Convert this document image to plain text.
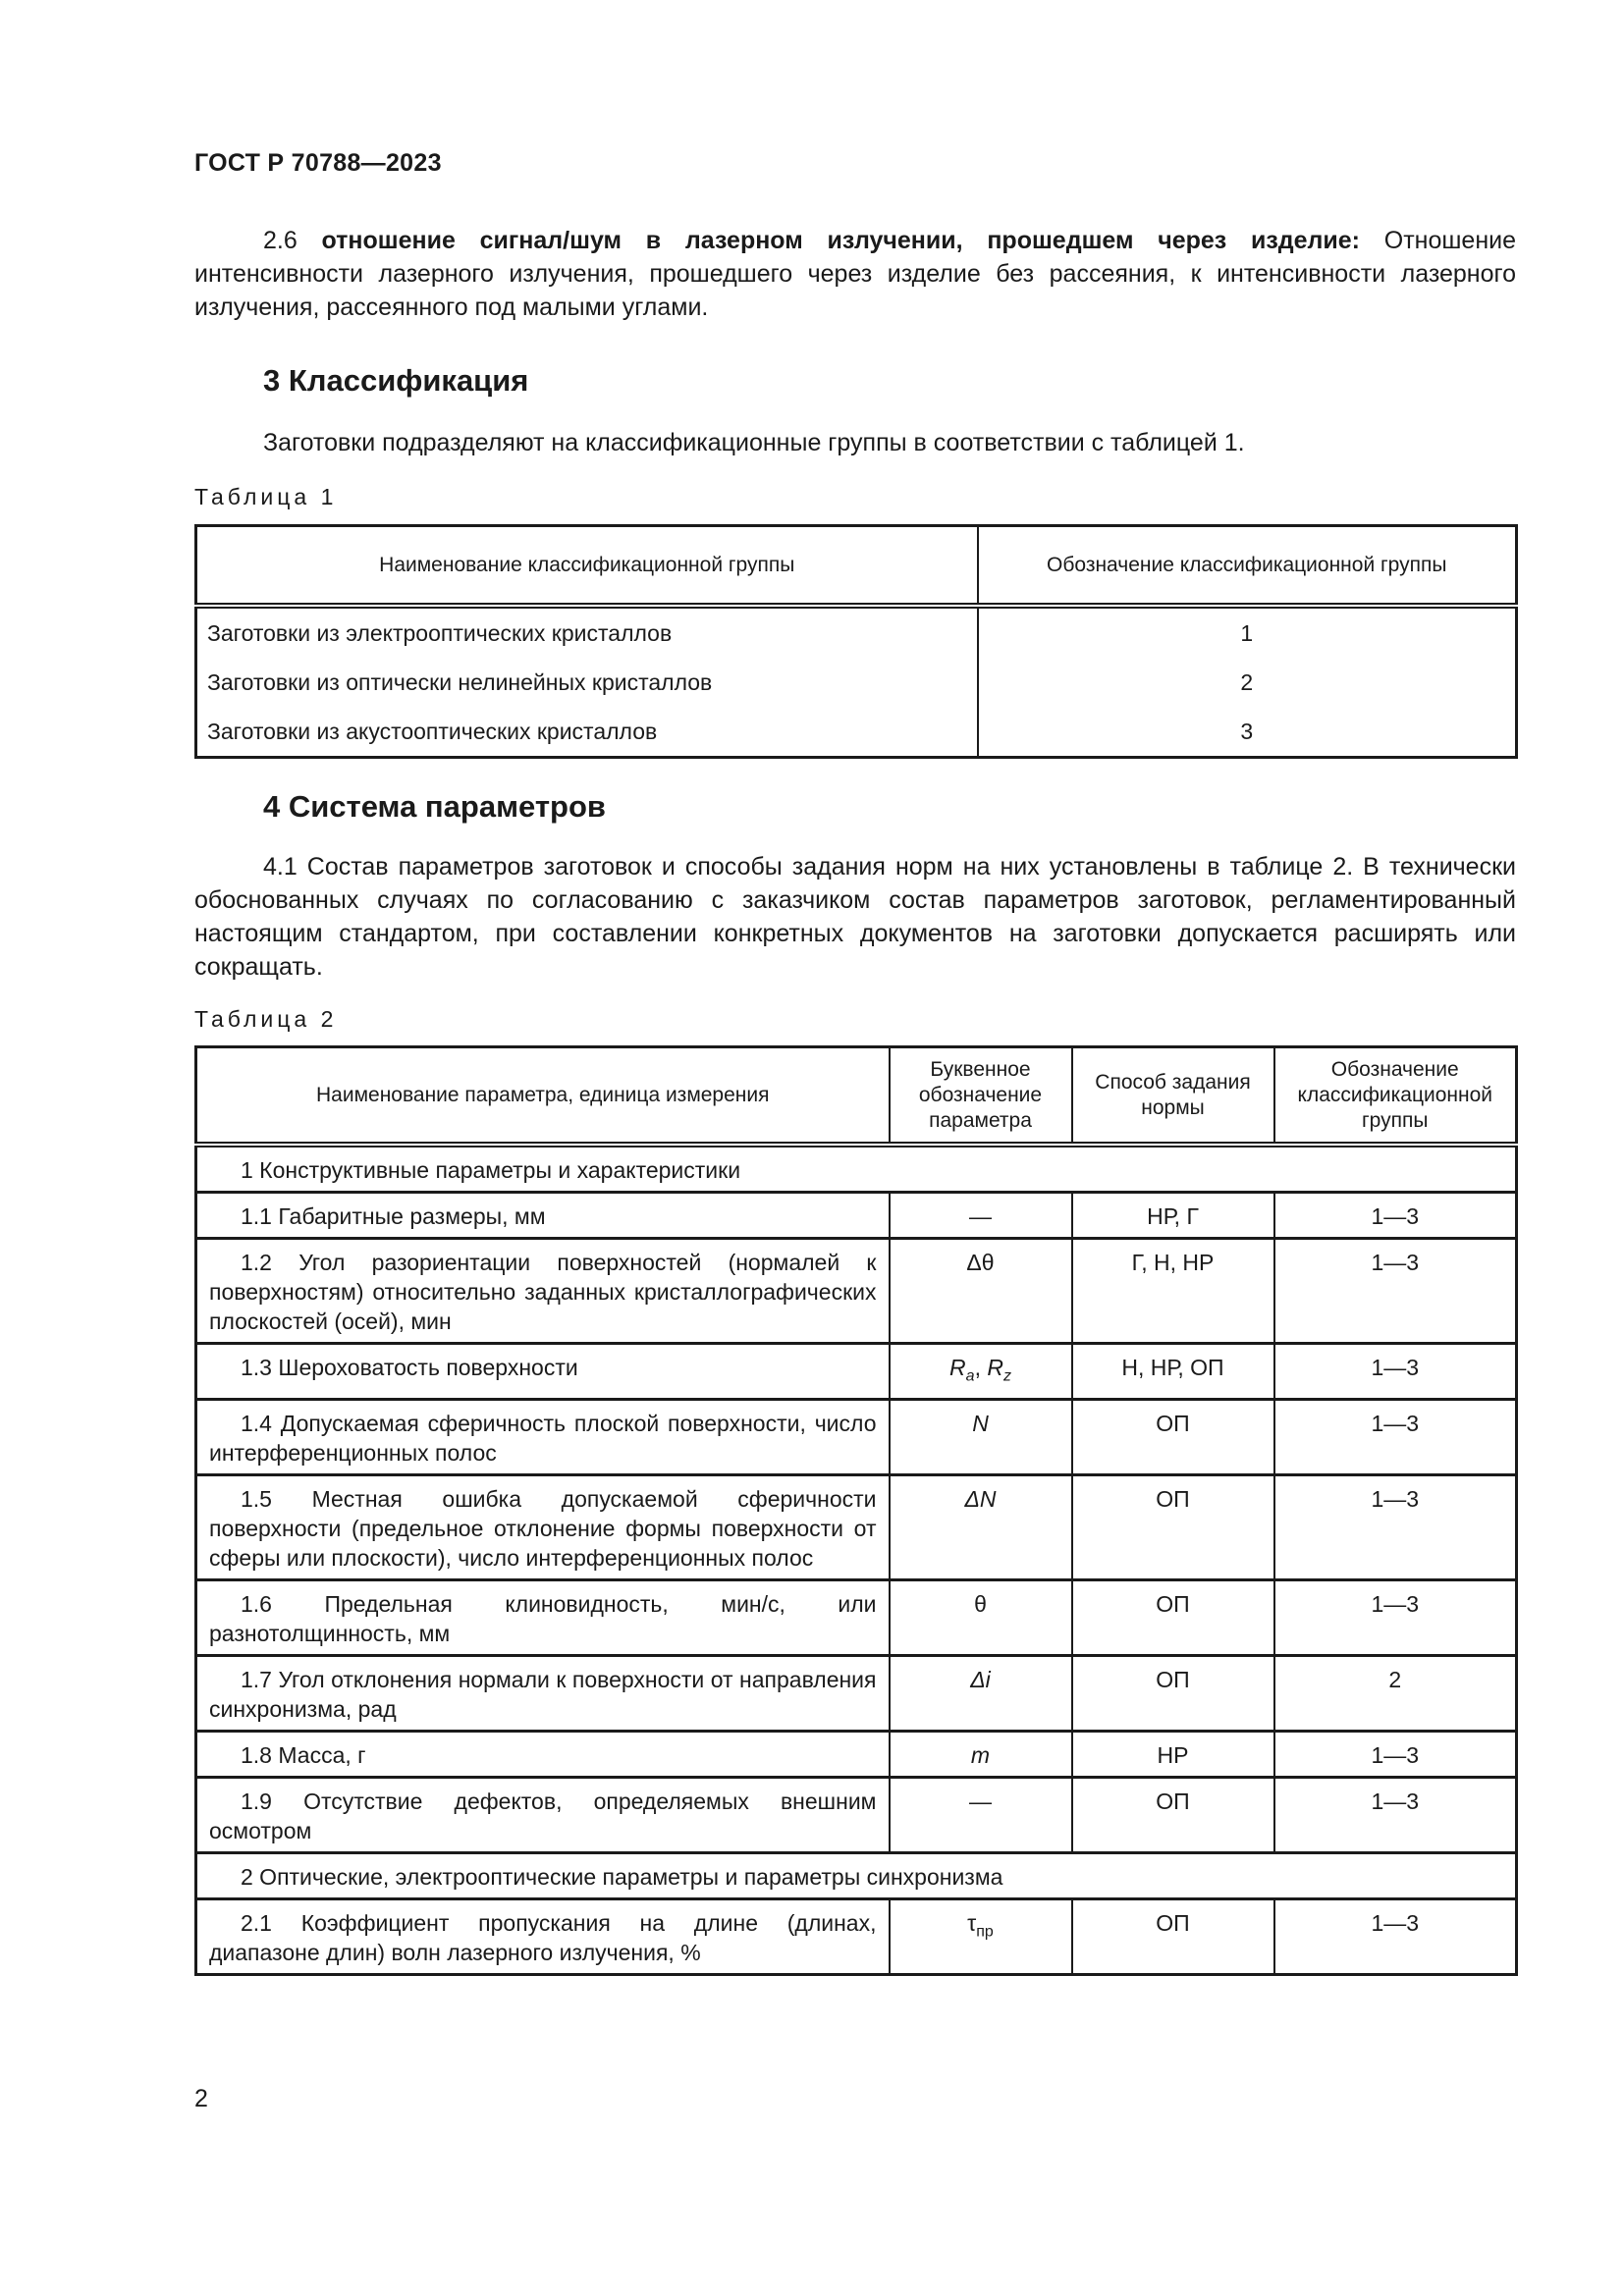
ГОСТ Р 70788—2023
2.6 отношение сигнал/шум в лазерном излучении, прошедшем через изделие: Отношение интенсивности лазерного излучения, прошедшего через изделие без рассеяния, к интенсивности лазерного излучения, рассеянного под малыми углами.
3 Классификация
Заготовки подразделяют на классификационные группы в соответствии с таблицей 1.
Таблица 1
Наименование классификационной группы	Обозначение классификационной группы
Заготовки из электрооптических кристаллов	1
Заготовки из оптически нелинейных кристаллов	2
Заготовки из акустооптических кристаллов	3
4 Система параметров
4.1 Состав параметров заготовок и способы задания норм на них установлены в таблице 2. В технически обоснованных случаях по согласованию с заказчиком состав параметров заготовок, регламентированный настоящим стандартом, при составлении конкретных документов на заготовки допускается расширять или сокращать.
Таблица 2
Наименование параметра, единица измерения	Буквенное обозначение параметра	Способ задания нормы	Обозначение классификационной группы
1 Конструктивные параметры и характеристики			
1.1 Габаритные размеры, мм	—	НР, Г	1—3
1.2 Угол разориентации поверхностей (нормалей к поверхностям) относительно заданных кристаллографических плоскостей (осей), мин	Δθ	Г, Н, НР	1—3
1.3 Шероховатость поверхности	$R_a$, $R_z$	Н, НР, ОП	1—3
1.4 Допускаемая сферичность плоской поверхности, число интерференционных полос	N	ОП	1—3
1.5 Местная ошибка допускаемой сферичности поверхности (предельное отклонение формы поверхности от сферы или плоскости), число интерференционных полос	ΔN	ОП	1—3
1.6 Предельная клиновидность, мин/с, или разнотолщинность, мм	θ	ОП	1—3
1.7 Угол отклонения нормали к поверхности от направления синхронизма, рад	Δi	ОП	2
1.8 Масса, г	m	НР	1—3
1.9 Отсутствие дефектов, определяемых внешним осмотром	—	ОП	1—3
2 Оптические, электрооптические параметры и параметры синхронизма			
2.1 Коэффициент пропускания на длине (длинах, диапазоне длин) волн лазерного излучения, %	$\tau_{пр}$	ОП	1—3
2
